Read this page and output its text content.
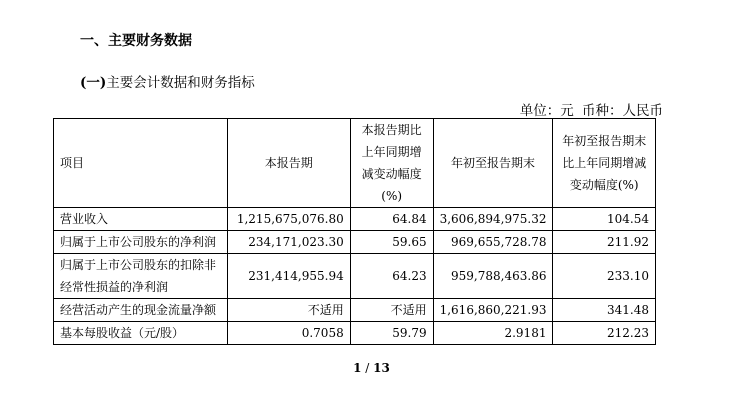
一、主要财务数据
(一)主要会计数据和财务指标
单位：元 币种：人民币
项目	本报告期	本报告期比上年同期增减变动幅度(%)	年初至报告期末	年初至报告期末比上年同期增减变动幅度(%)
营业收入	1,215,675,076.80	64.84	3,606,894,975.32	104.54
归属于上市公司股东的净利润	234,171,023.30	59.65	969,655,728.78	211.92
归属于上市公司股东的扣除非经常性损益的净利润	231,414,955.94	64.23	959,788,463.86	233.10
经营活动产生的现金流量净额	不适用	不适用	1,616,860,221.93	341.48
基本每股收益（元/股）	0.7058	59.79	2.9181	212.23
1 / 13
